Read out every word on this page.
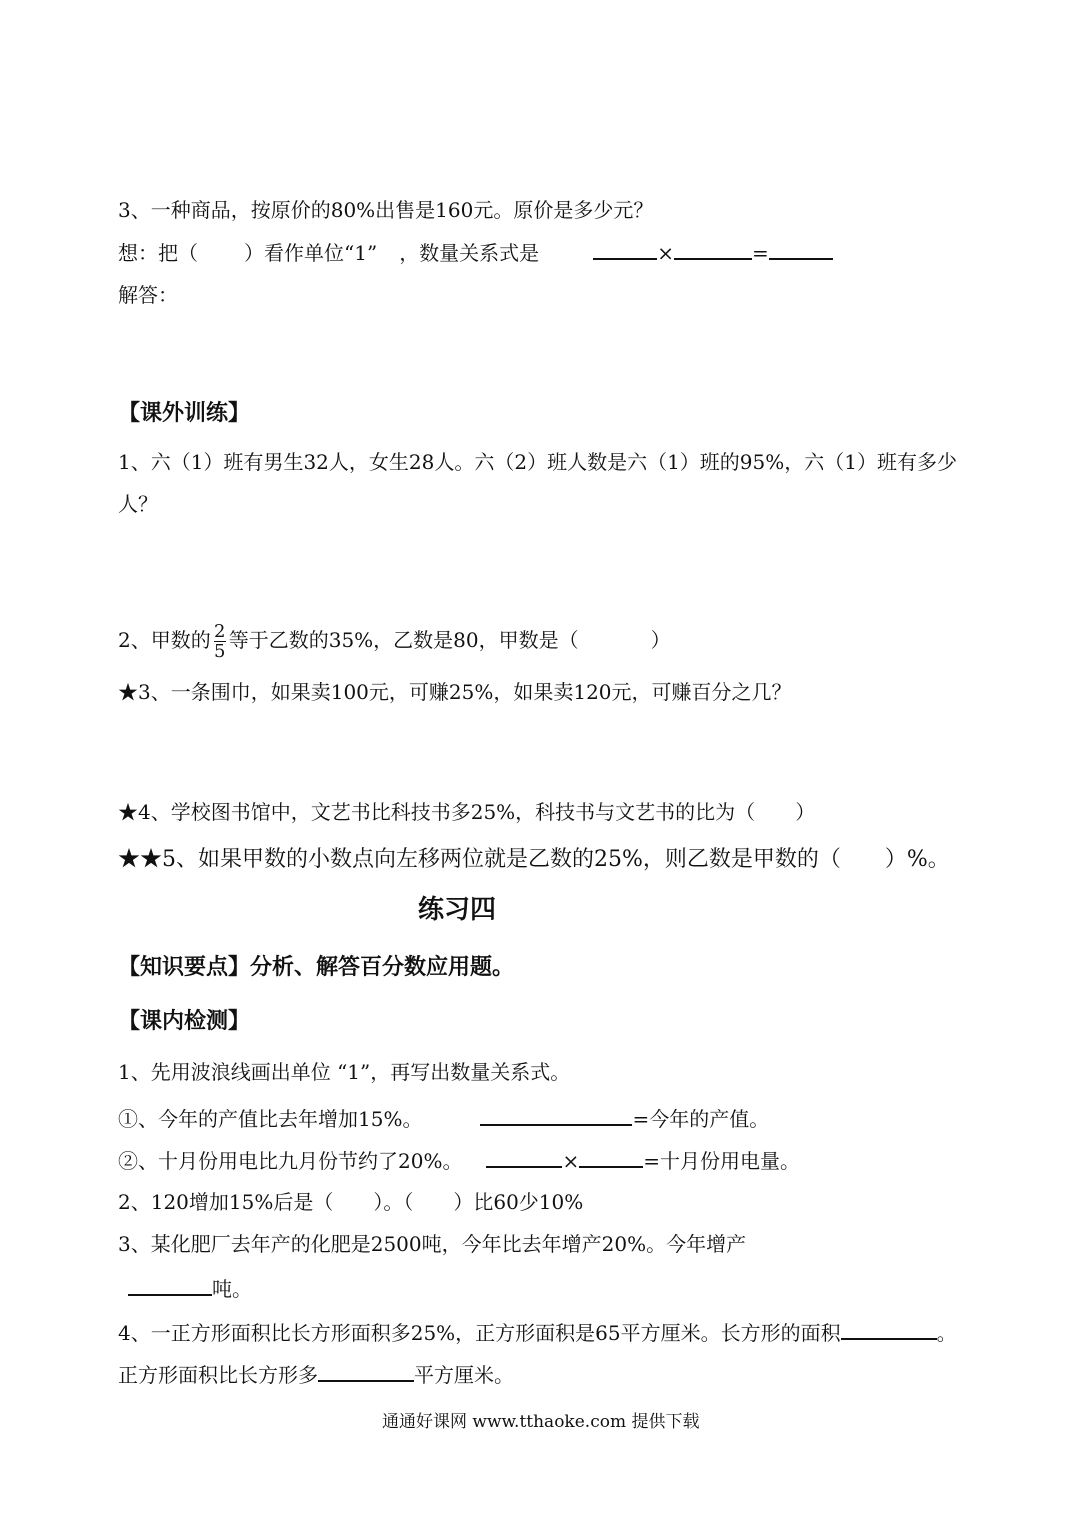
3、一种商品，按原价的80%出售是160元。原价是多少元？
想：把（ ）看作单位“1” ，数量关系式是	×	=
解答：
【课外训练】
1、六（1）班有男生32人，女生28人。六（2）班人数是六（1）班的95%，六（1）班有多少
人？
2、甲数的 $\frac{2}{5}$ 等于乙数的35%，乙数是80，甲数是（	）
★3、一条围巾，如果卖100元，可赚25%，如果卖120元，可赚百分之几？
★4、学校图书馆中，文艺书比科技书多25%，科技书与文艺书的比为（ ）
★★5、如果甲数的小数点向左移两位就是乙数的25%，则乙数是甲数的（ ）%。
练习四
【知识要点】分析、解答百分数应用题。
【课内检测】
1、先用波浪线画出单位 “1”，再写出数量关系式。
①、今年的产值比去年增加15%。	=今年的产值。
②、十月份用电比九月份节约了20%。	×	=十月份用电量。
2、120增加15%后是（ ）。（ ）比60少10%
3、某化肥厂去年产的化肥是2500吨，今年比去年增产20%。今年增产
吨。
4、一正方形面积比长方形面积多25%，正方形面积是65平方厘米。长方形的面积	。
正方形面积比长方形多	平方厘米。
通通好课网 www.tthaoke.com 提供下载
